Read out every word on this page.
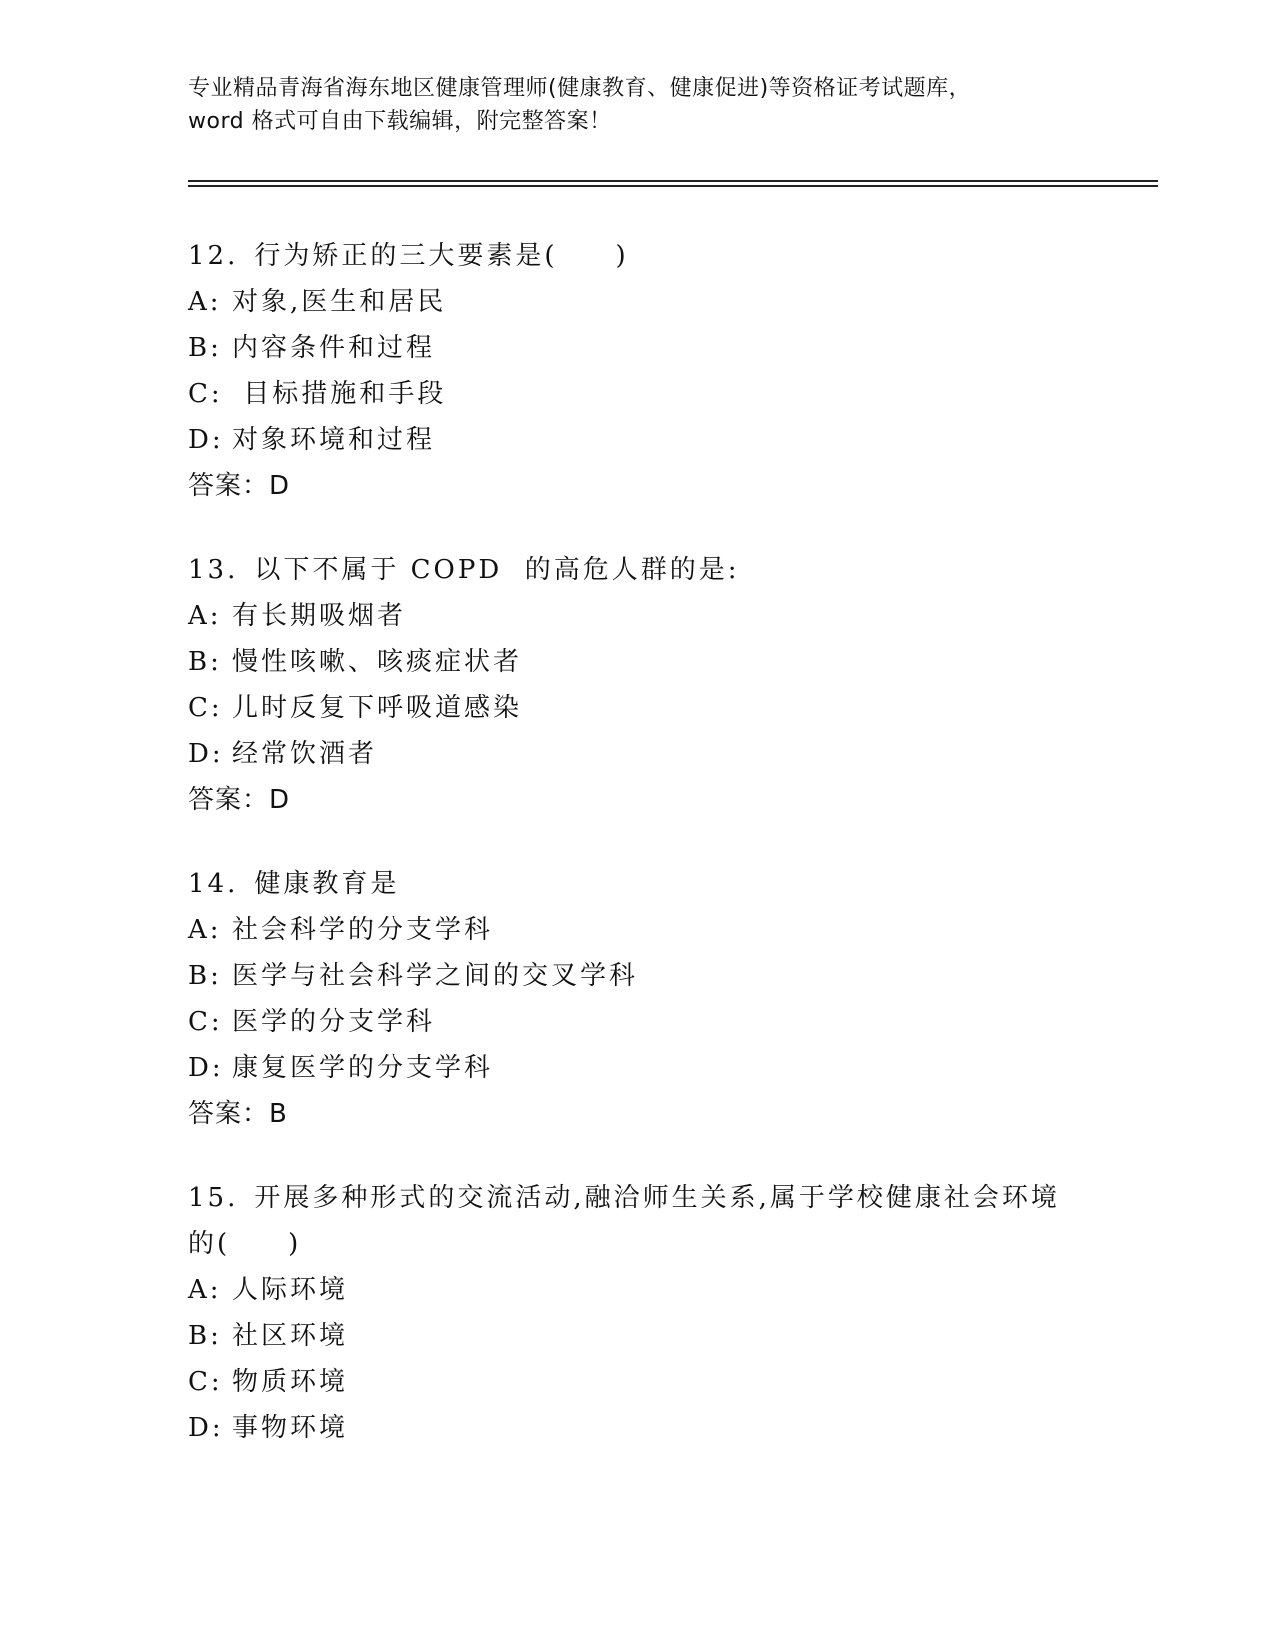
专业精品青海省海东地区健康管理师(健康教育、健康促进)等资格证考试题库，
word 格式可自由下载编辑，附完整答案！
12. 行为矫正的三大要素是(　　)
A: 对象,医生和居民
B: 内容条件和过程
C: 目标措施和手段
D: 对象环境和过程
答案：D
13. 以下不属于 COPD  的高危人群的是:
A: 有长期吸烟者
B: 慢性咳嗽、咳痰症状者
C: 儿时反复下呼吸道感染
D: 经常饮酒者
答案：D
14. 健康教育是
A: 社会科学的分支学科
B: 医学与社会科学之间的交叉学科
C: 医学的分支学科
D: 康复医学的分支学科
答案：B
15. 开展多种形式的交流活动,融洽师生关系,属于学校健康社会环境
的(　　)
A: 人际环境
B: 社区环境
C: 物质环境
D: 事物环境
